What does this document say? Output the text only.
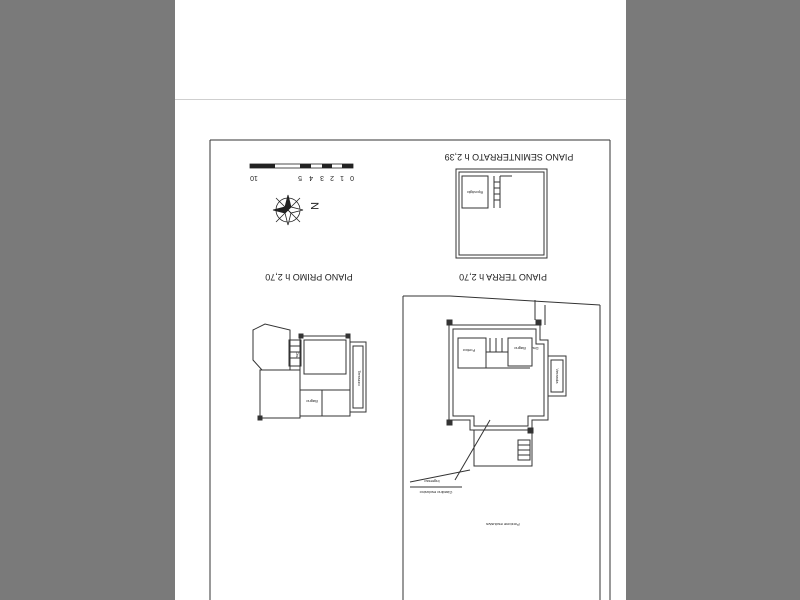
10	5 4 3 2 1 0
N
PIANO SEMINTERRATO h 2,39
PIANO TERRA h 2,70
PIANO PRIMO h 2,70
Ripostiglio
Portico	Bagno Dis.
Veranda
Ingresso
Giardino esclusivo
Porzione esclusiva
Dis.
Terrazzo
Bagno
